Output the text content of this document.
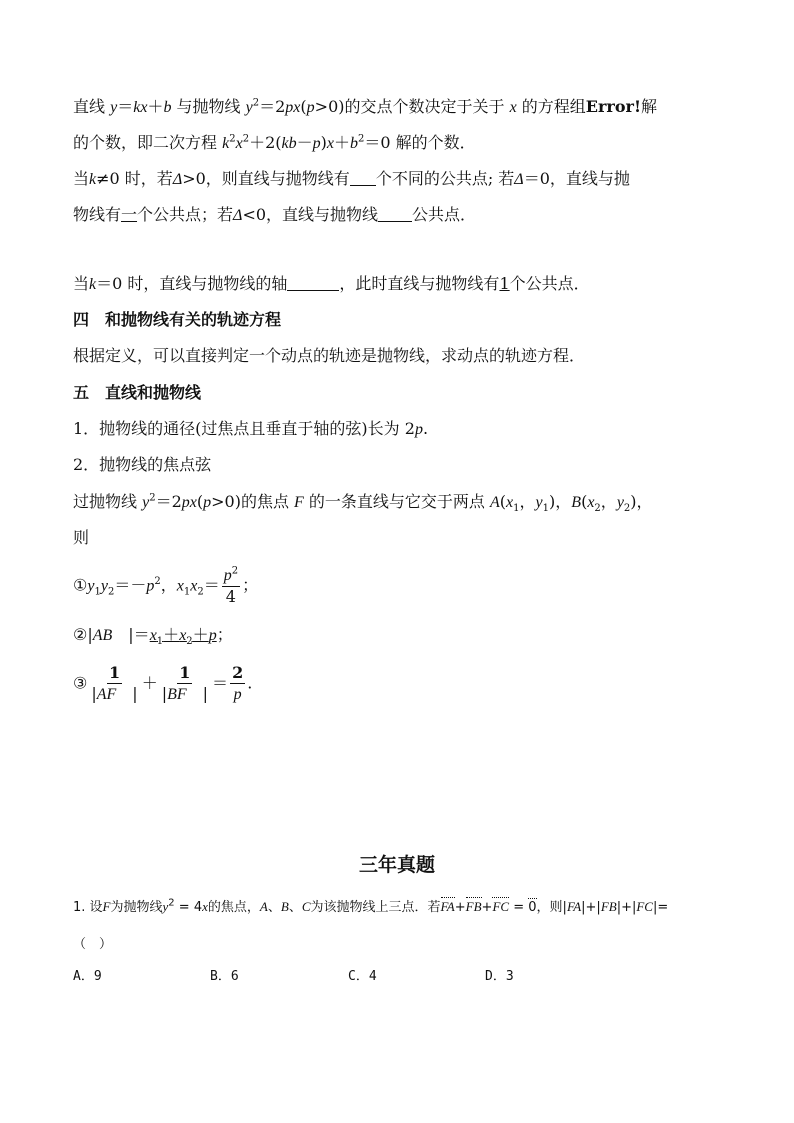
直线 y＝kx＋b 与抛物线 $y^2=2px(p>0)$的交点个数决定于关于 x 的方程组Error!解
的个数，即二次方程 $k^2x^2+2(kb-p)x+b^2=0$ 解的个数．
当k≠0 时，若Δ>0，则直线与抛物线有 个不同的公共点; 若Δ＝0，直线与抛
物线有一个公共点；若Δ<0，直线与抛物线 公共点．
当k＝0 时，直线与抛物线的轴	，此时直线与抛物线有1个公共点．
四　 和抛物线有关的轨迹方程
根据定义，可以直接判定一个动点的轨迹是抛物线，求动点的轨迹方程．
五　 直线和抛物线
1．抛物线的通径(过焦点且垂直于轴的弦)长为 2p.
2．抛物线的焦点弦
过抛物线 $y^2=2px(p>0)$的焦点 F 的一条直线与它交于两点 $A(x_1$，$y_1$)，$B(x_2$，$y_2$)，
则
$①y_1y_2=-p^2$，$x_1x_2= \frac{p^2}{4}$ ；
②|AB　$|=x_1+x_2+p$；
③ $\frac{1}{|AF |} + \frac{1}{|BF |} = \frac{2}{p}$ .
三年真题
1. 设F为抛物线$y^2 = 4x$的焦点，A、B、C为该抛物线上三点．若FA+FB+FC = 0，则|FA|+|FB|+|FC|=
（　）
A．9	B．6	C．4	D．3
